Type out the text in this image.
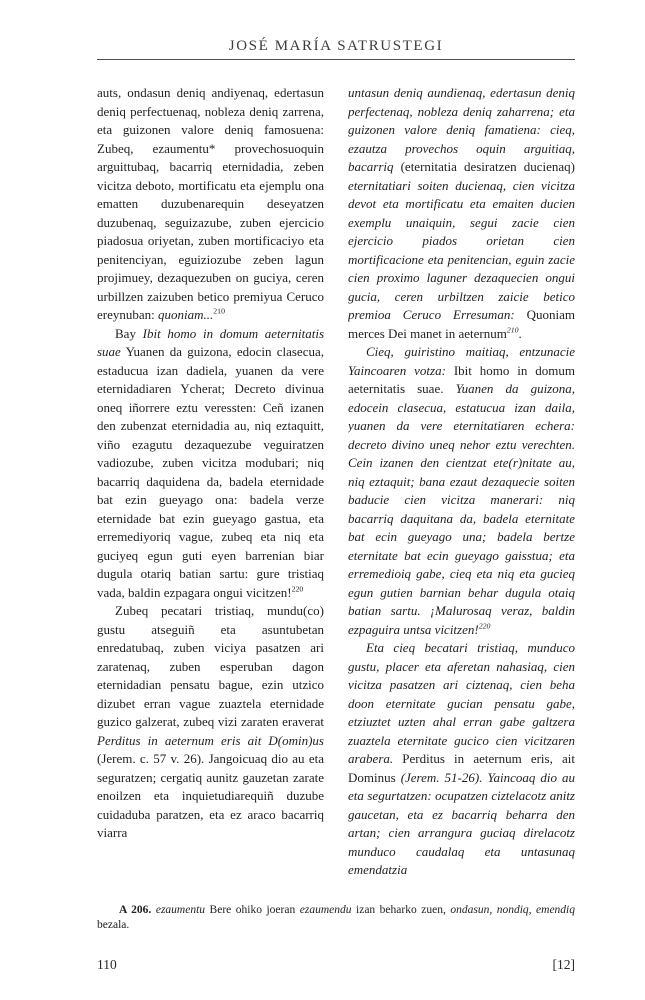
JOSÉ MARÍA SATRUSTEGI

auts, ondasun deniq andiyenaq, edertasun deniq perfectuenaq, nobleza deniq zarrena, eta guizonen valore deniq famosuena: Zubeq, ezaumentu* provechosuoquin arguittubaq, bacarriq eternidadia, zeben vicitza deboto, mortificatu eta ejemplu ona ematten duzubenarequin deseyatzen duzubenaq, seguizazube, zuben ejercicio piadosua oriyetan, zuben mortificaciyo eta penitenciyan, eguiziozube zeben lagun projimuey, dezaquezuben on guciya, ceren urbillzen zaizuben betico premiyua Ceruco ereynuban: quoniam...$^{210}$

Bay Ibit homo in domum aeternitatis suae Yuanen da guizona, edocin clasecua, estaducua izan dadiela, yuanen da vere eternidadiaren Ycherat; Decreto divinua oneq iñorrere eztu veressten: Ceñ izanen den zubenzat eternidadia au, niq eztaquitt, viño ezagutu dezaquezube veguiratzen vadiozube, zuben vicitza modubari; niq bacarriq daquidena da, badela eternidade bat ezin gueyago ona: badela verze eternidade bat ezin gueyago gastua, eta erremediyoriq vague, zubeq eta niq eta guciyeq egun guti eyen barrenian biar dugula otariq batian sartu: gure tristiaq vada, baldin ezpagara ongui vicitzen!$^{220}$

Zubeq pecatari tristiaq, mundu(co) gustu atseguiñ eta asuntubetan enredatubaq, zuben viciya pasatzen ari zaratenaq, zuben esperuban dagon eternidadian pensatu bague, ezin utzico dizubet erran vague zuaztela eternidade guzico galzerat, zubeq vizi zaraten eraverat Perditus in aeternum eris ait D(omin)us (Jerem. c. 57 v. 26). Jangoicuaq dio au eta seguratzen; cergatiq aunitz gauzetan zarate enoilzen eta inquietudiarequiñ duzube cuidaduba paratzen, eta ez araco bacarriq viarra

untasun deniq aundienaq, edertasun deniq perfectenaq, nobleza deniq zaharrena; eta guizonen valore deniq famatiena: cieq, ezautza provechos oquin arguitiaq, bacarriq (eternitatia desiratzen ducienaq) eternitatiari soiten ducienaq, cien vicitza devot eta mortificatu eta emaiten ducien exemplu unaiquin, segui zacie cien ejercicio piados orietan cien mortificacione eta penitencian, eguin zacie cien proximo laguner dezaquecien ongui gucia, ceren urbiltzen zaicie betico premioa Ceruco Erresuman: Quoniam merces Dei manet in aeternum$^{210}$.

Cieq, guiristino maitiaq, entzunacie Yaincoaren votza: Ibit homo in domum aeternitatis suae. Yuanen da guizona, edocein clasecua, estatucua izan daila, yuanen da vere eternitatiaren echera: decreto divino uneq nehor eztu verechten. Cein izanen den cientzat ete(r)nitate au, niq eztaquit; bana ezaut dezaquecie soiten baducie cien vicitza manerari: niq bacarriq daquitana da, badela eternitate bat ecin gueyago una; badela bertze eternitate bat ecin gueyago gaisstua; eta erremedioiq gabe, cieq eta niq eta gucieq egun gutien barnian behar dugula otaiq batian sartu. ¡Malurosaq veraz, baldin ezpaguira untsa vicitzen!$^{220}$

Eta cieq becatari tristiaq, munduco gustu, placer eta aferetan nahasiaq, cien vicitza pasatzen ari ciztenaq, cien beha doon eternitate gucian pensatu gabe, etziuztet uzten ahal erran gabe galtzera zuaztela eternitate gucico cien vicitzaren arabera. Perditus in aeternum eris, ait Dominus (Jerem. 51-26). Yaincoaq dio au eta segurtatzen: ocupatzen ciztelacotz anitz gaucetan, eta ez bacarriq beharra den artan; cien arrangura guciaq direlacotz munduco caudalaq eta untasunaq emendatzia

A 206. ezaumentu Bere ohiko joeran ezaumendu izan beharko zuen, ondasun, nondiq, emendiq bezala.
110	[12]
